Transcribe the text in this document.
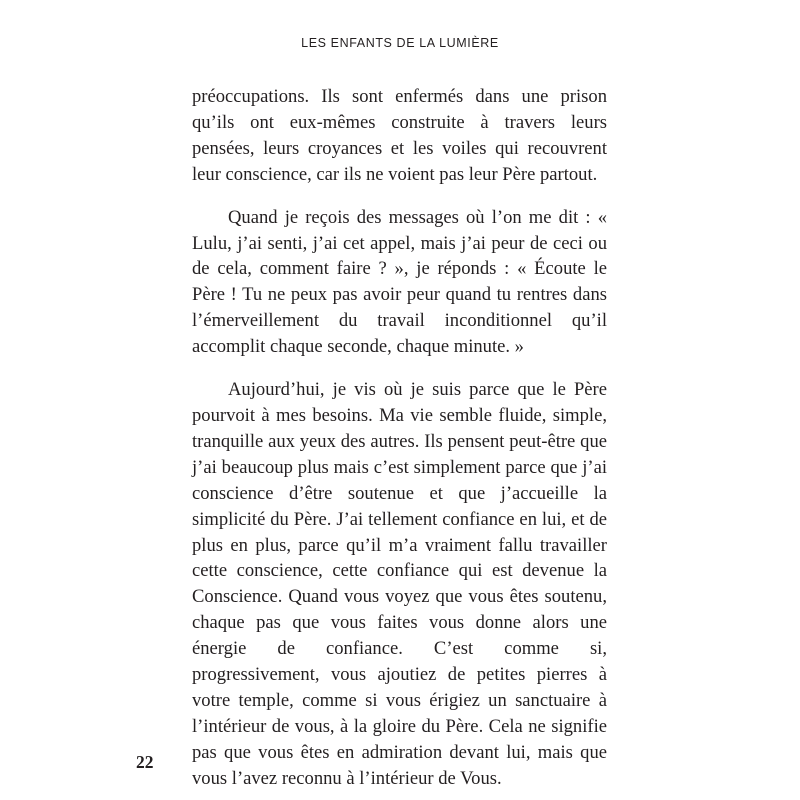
LES ENFANTS DE LA LUMIÈRE

préoccupations. Ils sont enfermés dans une prison qu’ils ont eux-mêmes construite à travers leurs pensées, leurs croyances et les voiles qui recouvrent leur conscience, car ils ne voient pas leur Père partout.

Quand je reçois des messages où l’on me dit : « Lulu, j’ai senti, j’ai cet appel, mais j’ai peur de ceci ou de cela, comment faire ? », je réponds : « Écoute le Père ! Tu ne peux pas avoir peur quand tu rentres dans l’émerveillement du travail inconditionnel qu’il accomplit chaque seconde, chaque minute. »

Aujourd’hui, je vis où je suis parce que le Père pourvoit à mes besoins. Ma vie semble fluide, simple, tranquille aux yeux des autres. Ils pensent peut-être que j’ai beaucoup plus mais c’est simplement parce que j’ai conscience d’être soutenue et que j’accueille la simplicité du Père. J’ai tellement confiance en lui, et de plus en plus, parce qu’il m’a vraiment fallu travailler cette conscience, cette confiance qui est devenue la Conscience. Quand vous voyez que vous êtes soutenu, chaque pas que vous faites vous donne alors une énergie de confiance. C’est comme si, progressivement, vous ajoutiez de petites pierres à votre temple, comme si vous érigiez un sanctuaire à l’intérieur de vous, à la gloire du Père. Cela ne signifie pas que vous êtes en admiration devant lui, mais que vous l’avez reconnu à l’intérieur de Vous.

22
